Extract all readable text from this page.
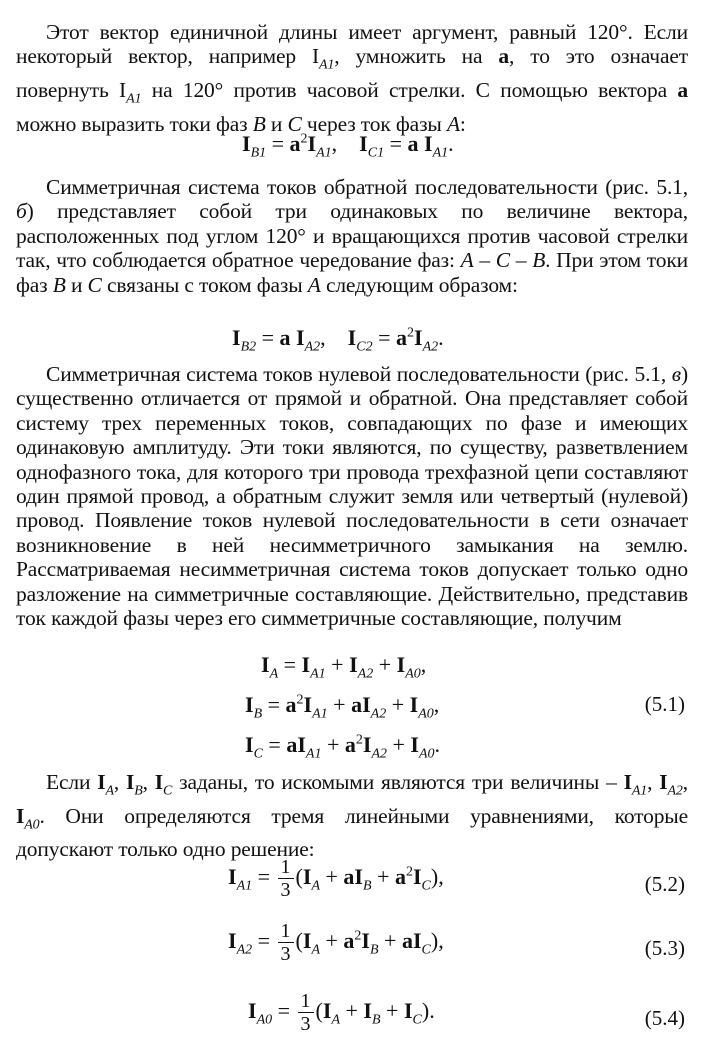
Этот вектор единичной длины имеет аргумент, равный 120°. Если некоторый вектор, например $I_{A1}$, умножить на a, то это означает повернуть $I_{A1}$ на 120° против часовой стрелки. С помощью вектора a можно выразить токи фаз B и C через ток фазы A:

$I_{B1} = a^2I_{A1}$,    $I_{C1} = a$ $I_{A1}$.

Симметричная система токов обратной последовательности (рис. 5.1, б) представляет собой три одинаковых по величине вектора, расположенных под углом 120° и вращающихся против часовой стрелки так, что соблюдается обратное чередование фаз: A – C – B. При этом токи фаз B и C связаны с током фазы A следующим образом:

$I_{B2} = a$ $I_{A2}$,    $I_{C2} = a^2I_{A2}$.

Симметричная система токов нулевой последовательности (рис. 5.1, в) существенно отличается от прямой и обратной. Она представляет собой систему трех переменных токов, совпадающих по фазе и имеющих одинаковую амплитуду. Эти токи являются, по существу, разветвлением однофазного тока, для которого три провода трехфазной цепи составляют один прямой провод, а обратным служит земля или четвертый (нулевой) провод. Появление токов нулевой последовательности в сети означает возникновение в ней несимметричного замыкания на землю. Рассматриваемая несимметричная система токов допускает только одно разложение на симметричные составляющие. Действительно, представив ток каждой фазы через его симметричные составляющие, получим

$I_A = I_{A1} + I_{A2} + I_{A0}$,
$I_B = a^2I_{A1} + aI_{A2} + I_{A0}$,	(5.1)
$I_C = aI_{A1} + a^2I_{A2} + I_{A0}$.

Если $I_A$, $I_B$, $I_C$ заданы, то искомыми являются три величины – $I_{A1}$, $I_{A2}$, $I_{A0}$. Они определяются тремя линейными уравнениями, которые допускают только одно решение:

$I_{A1} = \frac{1}{3} (I_A + aI_B + a^2I_C)$,	(5.2)
$I_{A2} = \frac{1}{3} (I_A + a^2I_B + aI_C)$,	(5.3)
$I_{A0} = \frac{1}{3} (I_A + I_B + I_C)$.	(5.4)
